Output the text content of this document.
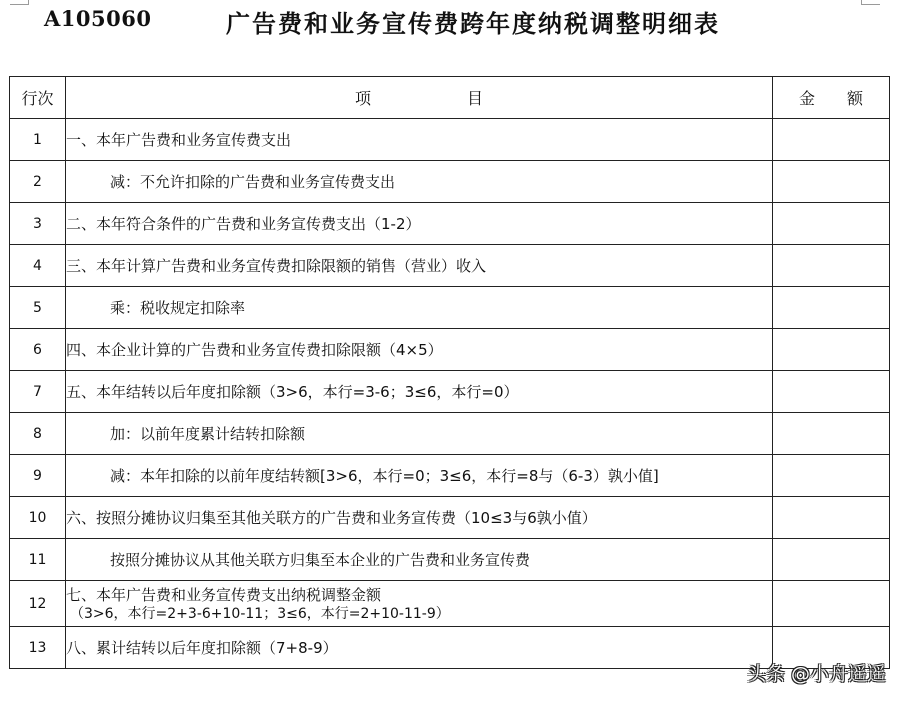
A105060	广告费和业务宣传费跨年度纳税调整明细表
行次	项　　　　　　目	金　　额
1	一、本年广告费和业务宣传费支出	
2	减：不允许扣除的广告费和业务宣传费支出	
3	二、本年符合条件的广告费和业务宣传费支出（1-2）	
4	三、本年计算广告费和业务宣传费扣除限额的销售（营业）收入	
5	乘：税收规定扣除率	
6	四、本企业计算的广告费和业务宣传费扣除限额（4×5）	
7	五、本年结转以后年度扣除额（3>6，本行=3-6；3≤6，本行=0）	
8	加：以前年度累计结转扣除额	
9	减：本年扣除的以前年度结转额[3>6，本行=0；3≤6，本行=8与（6-3）孰小值]	
10	六、按照分摊协议归集至其他关联方的广告费和业务宣传费（10≤3与6孰小值）	
11	按照分摊协议从其他关联方归集至本企业的广告费和业务宣传费	
12	七、本年广告费和业务宣传费支出纳税调整金额
（3>6，本行=2+3-6+10-11；3≤6，本行=2+10-11-9）	

13	八、累计结转以后年度扣除额（7+8-9）	
头条 @小舟遥遥
